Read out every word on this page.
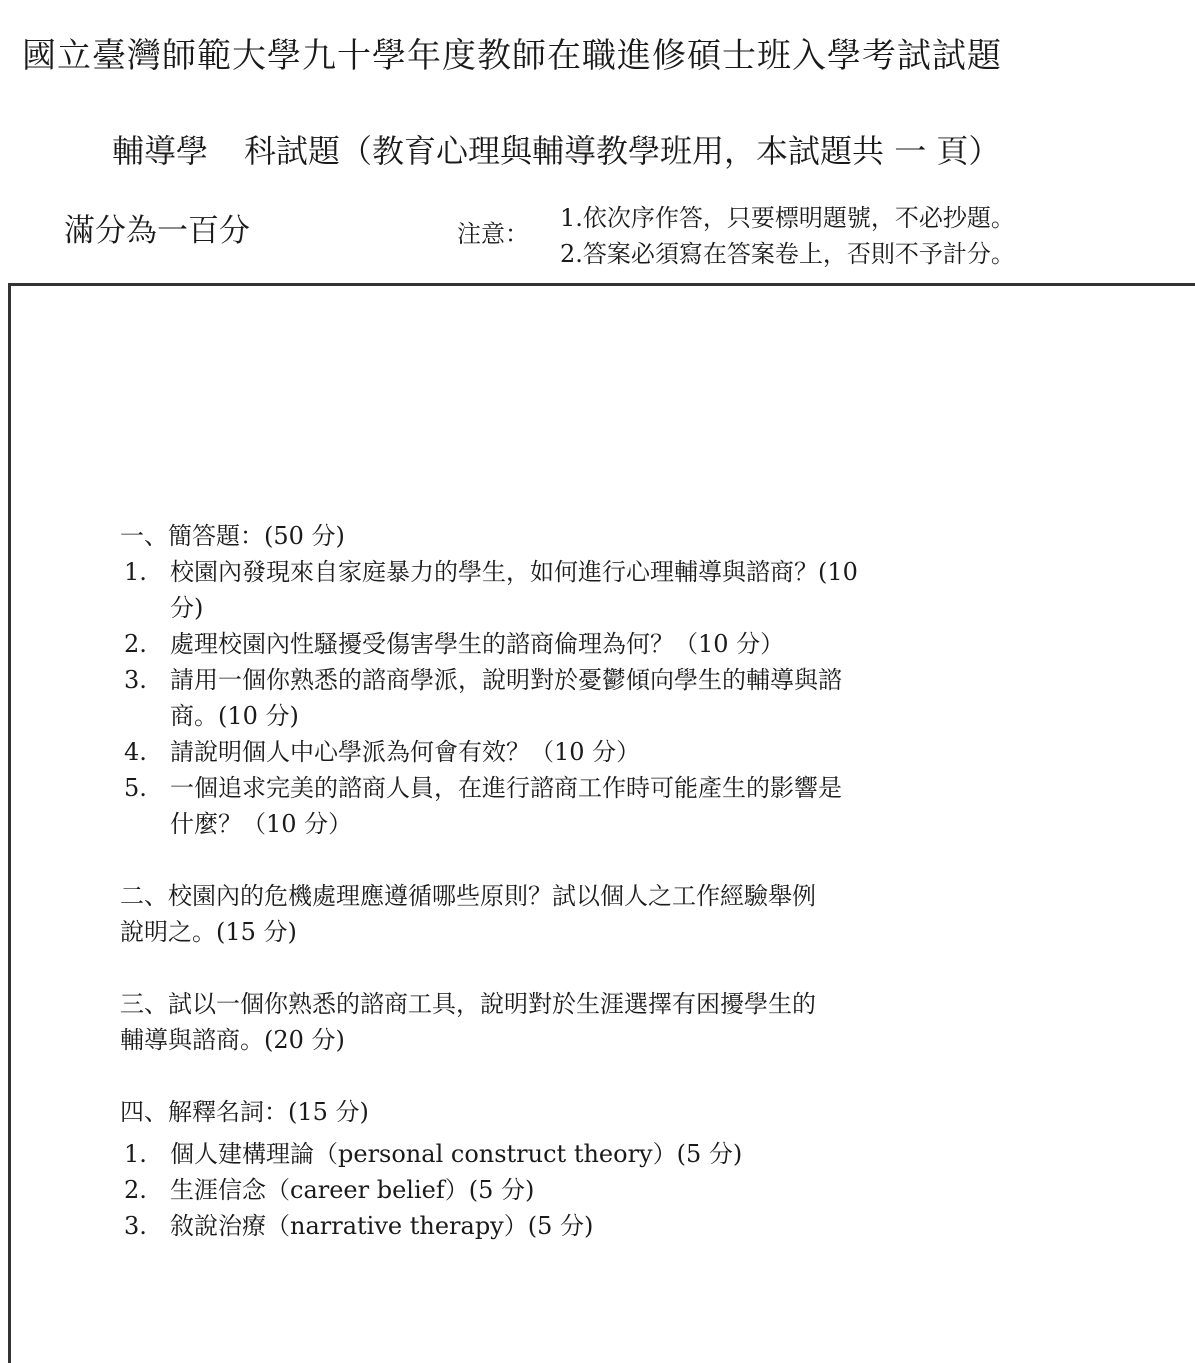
國立臺灣師範大學九十學年度教師在職進修碩士班入學考試試題
輔導學 科試題（教育心理與輔導教學班用，本試題共 一 頁）
滿分為一百分	注意：
1.依次序作答，只要標明題號，不必抄題。
2.答案必須寫在答案卷上，否則不予計分。
一、簡答題：(50 分)
1. 校園內發現來自家庭暴力的學生，如何進行心理輔導與諮商？(10
分)
2. 處理校園內性騷擾受傷害學生的諮商倫理為何？（10 分）
3. 請用一個你熟悉的諮商學派，說明對於憂鬱傾向學生的輔導與諮
商。(10 分)
4. 請說明個人中心學派為何會有效？（10 分）
5. 一個追求完美的諮商人員，在進行諮商工作時可能產生的影響是
什麼？（10 分）
二、校園內的危機處理應遵循哪些原則？試以個人之工作經驗舉例
說明之。(15 分)
三、試以一個你熟悉的諮商工具，說明對於生涯選擇有困擾學生的
輔導與諮商。(20 分)
四、解釋名詞：(15 分)
1. 個人建構理論（personal construct theory）(5 分)
2. 生涯信念（career belief）(5 分)
3. 敘說治療（narrative therapy）(5 分)
